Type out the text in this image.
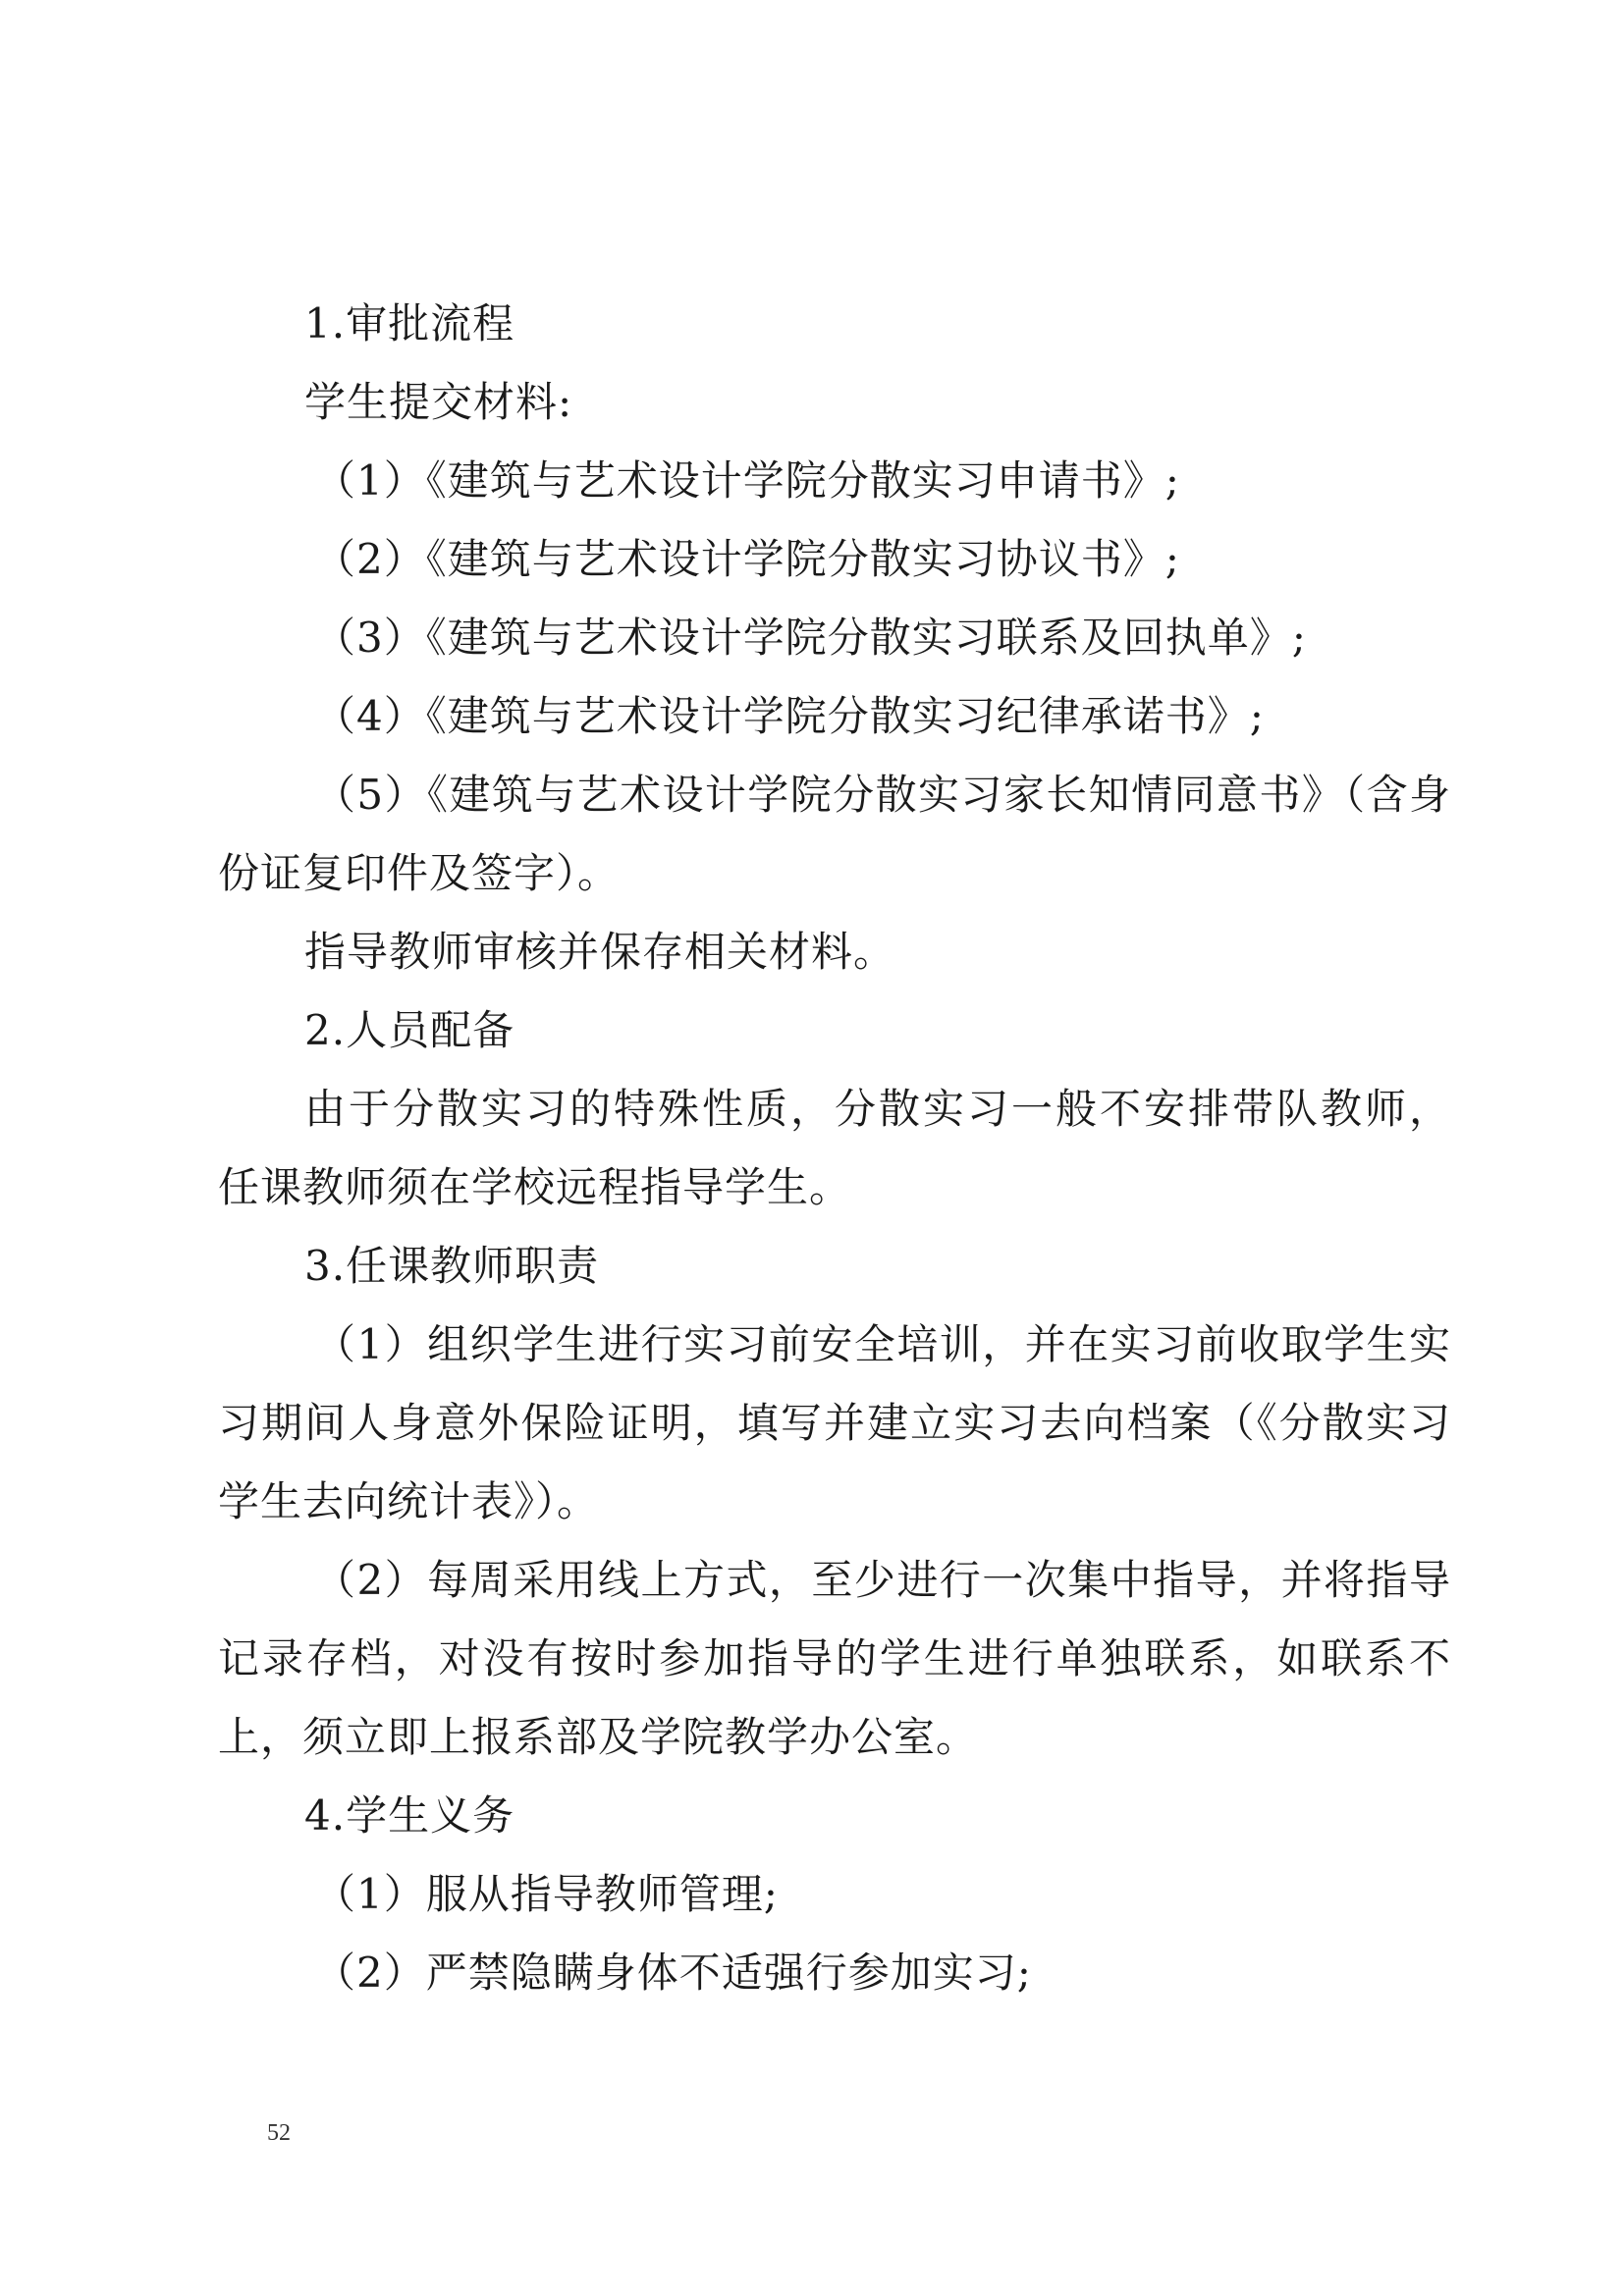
1.审批流程

学生提交材料:

（1）《建筑与艺术设计学院分散实习申请书》;

（2）《建筑与艺术设计学院分散实习协议书》;

（3）《建筑与艺术设计学院分散实习联系及回执单》;

（4）《建筑与艺术设计学院分散实习纪律承诺书》;

（5）《建筑与艺术设计学院分散实习家长知情同意书》（含身

份证复印件及签字）。

指导教师审核并保存相关材料。

2.人员配备

由于分散实习的特殊性质，分散实习一般不安排带队教师，

任课教师须在学校远程指导学生。

3.任课教师职责

（1）组织学生进行实习前安全培训，并在实习前收取学生实

习期间人身意外保险证明，填写并建立实习去向档案（《分散实习

学生去向统计表》）。

（2）每周采用线上方式，至少进行一次集中指导，并将指导

记录存档，对没有按时参加指导的学生进行单独联系，如联系不

上，须立即上报系部及学院教学办公室。

4.学生义务

（1）服从指导教师管理;

（2）严禁隐瞒身体不适强行参加实习;

52
